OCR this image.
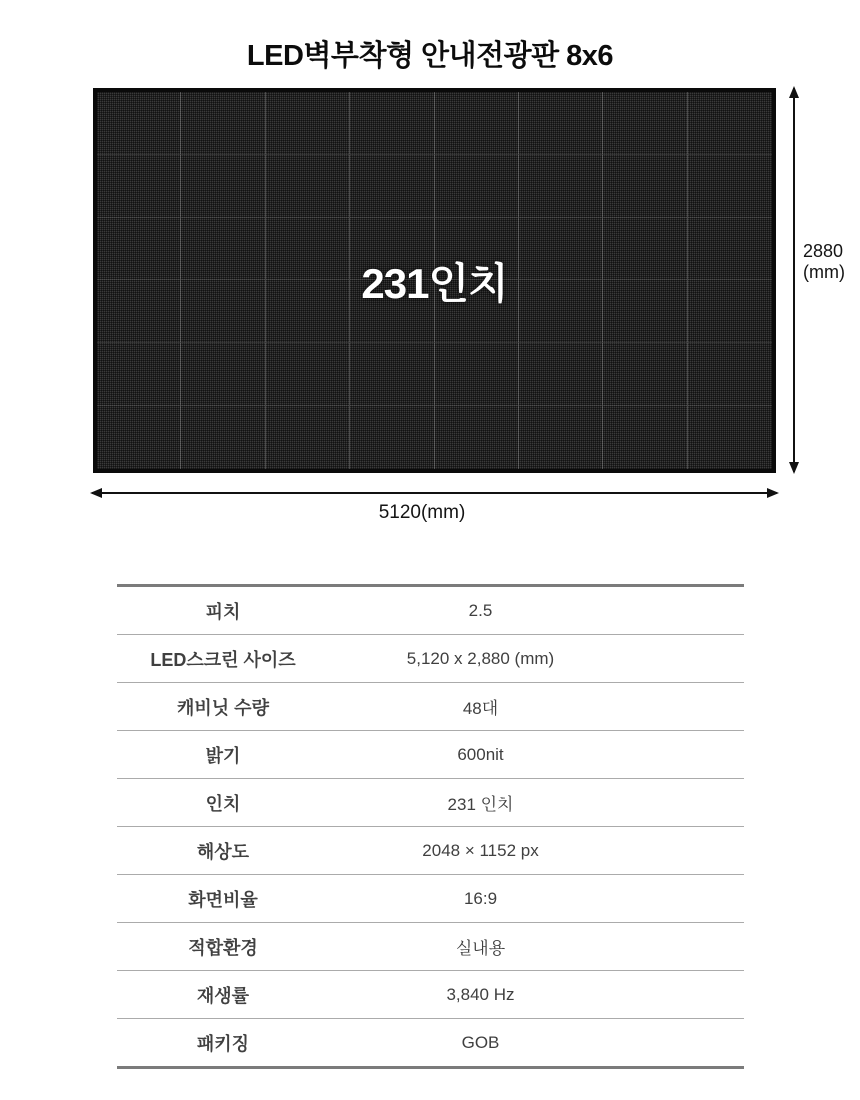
LED벽부착형 안내전광판 8x6
231인치
2880
(mm)
5120(mm)
피치	2.5
LED스크린 사이즈	5,120 x 2,880 (mm)
캐비닛 수량	48대
밝기	600nit
인치	231 인치
해상도	2048 × 1152 px
화면비율	16:9
적합환경	실내용
재생률	3,840 Hz
패키징	GOB
